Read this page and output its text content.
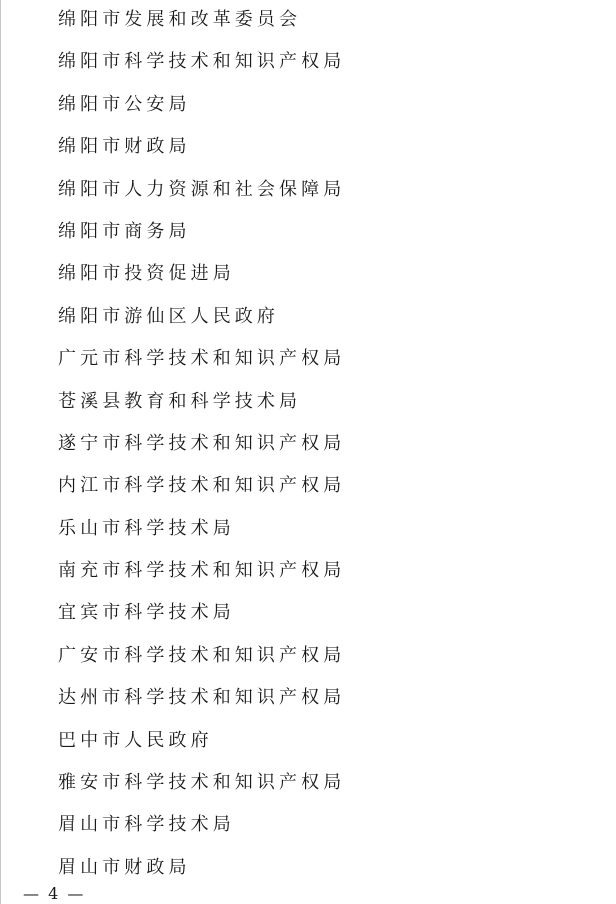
绵阳市发展和改革委员会
绵阳市科学技术和知识产权局
绵阳市公安局
绵阳市财政局
绵阳市人力资源和社会保障局
绵阳市商务局
绵阳市投资促进局
绵阳市游仙区人民政府
广元市科学技术和知识产权局
苍溪县教育和科学技术局
遂宁市科学技术和知识产权局
内江市科学技术和知识产权局
乐山市科学技术局
南充市科学技术和知识产权局
宜宾市科学技术局
广安市科学技术和知识产权局
达州市科学技术和知识产权局
巴中市人民政府
雅安市科学技术和知识产权局
眉山市科学技术局
眉山市财政局
— 4 —
